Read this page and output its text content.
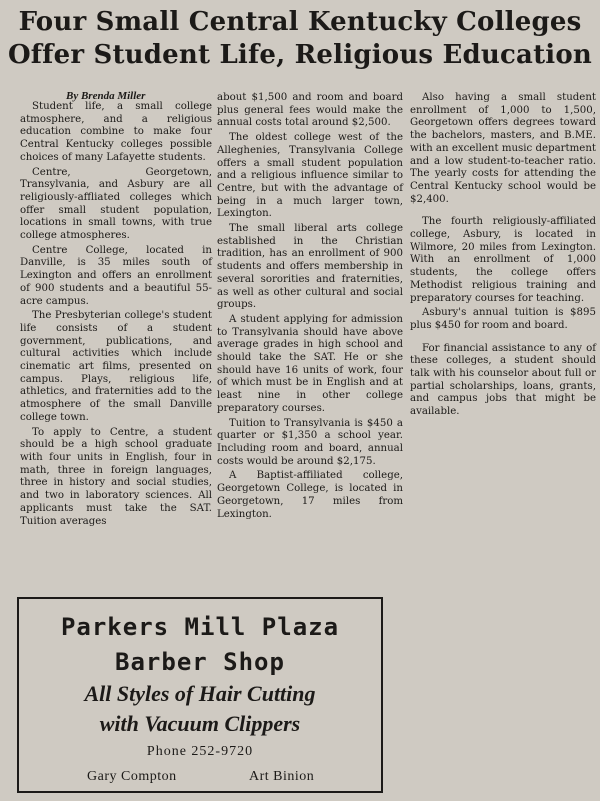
Four Small Central Kentucky Colleges
Offer Student Life, Religious Education
By Brenda Miller

Student life, a small college atmosphere, and a religious education combine to make four Central Kentucky colleges possible choices of many Lafayette students.

Centre, Georgetown, Transylvania, and Asbury are all religiously-affliated colleges which offer small student population, locations in small towns, with true college atmospheres.

Centre College, located in Danville, is 35 miles south of Lexington and offers an enrollment of 900 students and a beautiful 55-acre campus.

The Presbyterian college's student life consists of a student government, publications, and cultural activities which include cinematic art films, presented on campus. Plays, religious life, athletics, and fraternities add to the atmosphere of the small Danville college town.

To apply to Centre, a student should be a high school graduate with four units in English, four in math, three in foreign languages, three in history and social studies, and two in laboratory sciences. All applicants must take the SAT. Tuition averages

about $1,500 and room and board plus general fees would make the annual costs total around $2,500.

The oldest college west of the Alleghenies, Transylvania College offers a small student population and a religious influence similar to Centre, but with the advantage of being in a much larger town, Lexington.

The small liberal arts college established in the Christian tradition, has an enrollment of 900 students and offers membership in several sororities and fraternities, as well as other cultural and social groups.

A student applying for admission to Transylvania should have above average grades in high school and should take the SAT. He or she should have 16 units of work, four of which must be in English and at least nine in other college preparatory courses.

Tuition to Transylvania is $450 a quarter or $1,350 a school year. Including room and board, annual costs would be around $2,175.

A Baptist-affiliated college, Georgetown College, is located in Georgetown, 17 miles from Lexington.

Also having a small student enrollment of 1,000 to 1,500, Georgetown offers degrees toward the bachelors, masters, and B.ME. with an excellent music department and a low student-to-teacher ratio. The yearly costs for attending the Central Kentucky school would be $2,400.

The fourth religiously-affiliated college, Asbury, is located in Wilmore, 20 miles from Lexington. With an enrollment of 1,000 students, the college offers Methodist religious training and preparatory courses for teaching.

Asbury's annual tuition is $895 plus $450 for room and board.

For financial assistance to any of these colleges, a student should talk with his counselor about full or partial scholarships, loans, grants, and campus jobs that might be available.

Parkers Mill Plaza
Barber Shop
All Styles of Hair Cutting
with Vacuum Clippers
Phone 252-9720
Gary Compton	Art Binion
